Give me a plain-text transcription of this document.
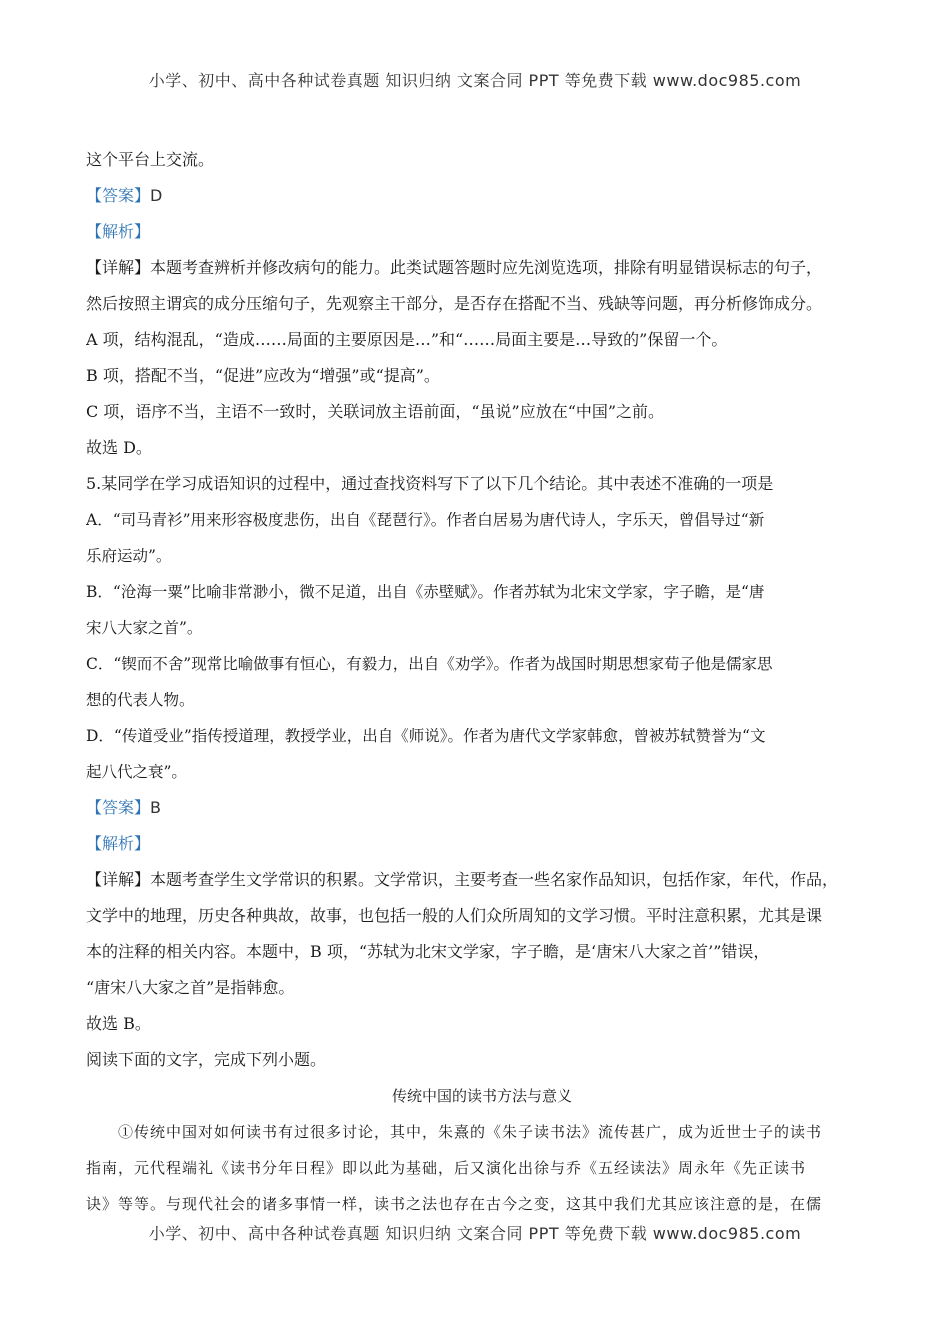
小学、初中、高中各种试卷真题 知识归纳 文案合同 PPT 等免费下载 www.doc985.com
这个平台上交流。
【答案】D
【解析】
【详解】本题考查辨析并修改病句的能力。此类试题答题时应先浏览选项，排除有明显错误标志的句子，
然后按照主谓宾的成分压缩句子，先观察主干部分，是否存在搭配不当、残缺等问题，再分析修饰成分。
A 项，结构混乱，“造成……局面的主要原因是…”和“……局面主要是…导致的”保留一个。
B 项，搭配不当，“促进”应改为“增强”或“提高”。
C 项，语序不当，主语不一致时，关联词放主语前面，“虽说”应放在“中国”之前。
故选 D。
5.某同学在学习成语知识的过程中，通过查找资料写下了以下几个结论。其中表述不准确的一项是
A．“司马青衫”用来形容极度悲伤，出自《琵琶行》。作者白居易为唐代诗人，字乐天，曾倡导过“新
乐府运动”。
B．“沧海一粟”比喻非常渺小，微不足道，出自《赤壁赋》。作者苏轼为北宋文学家，字子瞻，是“唐
宋八大家之首”。
C．“锲而不舍”现常比喻做事有恒心，有毅力，出自《劝学》。作者为战国时期思想家荀子他是儒家思
想的代表人物。
D．“传道受业”指传授道理，教授学业，出自《师说》。作者为唐代文学家韩愈，曾被苏轼赞誉为“文
起八代之衰”。
【答案】B
【解析】
【详解】本题考查学生文学常识的积累。文学常识，主要考查一些名家作品知识，包括作家，年代，作品，
文学中的地理，历史各种典故，故事，也包括一般的人们众所周知的文学习惯。平时注意积累，尤其是课
本的注释的相关内容。本题中，B 项，“苏轼为北宋文学家，字子瞻，是‘唐宋八大家之首’”错误，
“唐宋八大家之首”是指韩愈。
故选 B。
阅读下面的文字，完成下列小题。
传统中国的读书方法与意义
①传统中国对如何读书有过很多讨论，其中，朱熹的《朱子读书法》流传甚广，成为近世士子的读书
指南，元代程端礼《读书分年日程》即以此为基础，后又演化出徐与乔《五经读法》周永年《先正读书
诀》等等。与现代社会的诸多事情一样，读书之法也存在古今之变，这其中我们尤其应该注意的是，在儒
小学、初中、高中各种试卷真题 知识归纳 文案合同 PPT 等免费下载 www.doc985.com
